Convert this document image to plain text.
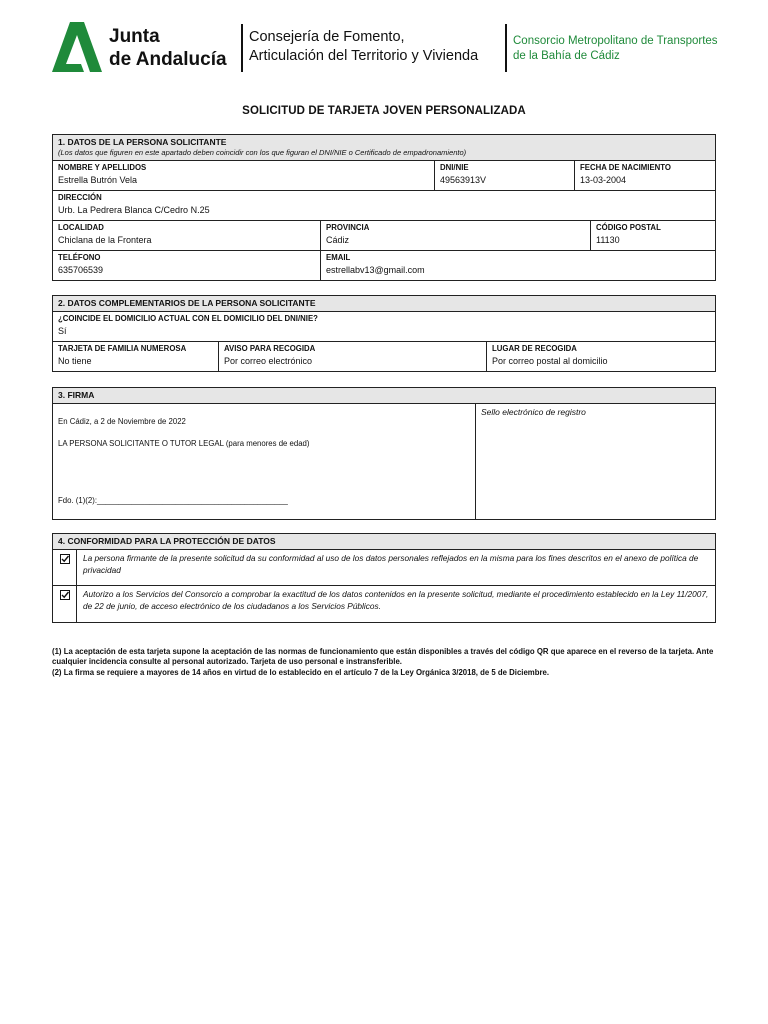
Junta
de Andalucía
Consejería de Fomento,
Articulación del Territorio y Vivienda
Consorcio Metropolitano de Transportes
de la Bahía de Cádiz
SOLICITUD DE TARJETA JOVEN PERSONALIZADA
1. DATOS DE LA PERSONA SOLICITANTE
(Los datos que figuren en este apartado deben coincidir con los que figuran el DNI/NIE o Certificado de empadronamiento)
NOMBRE Y APELLIDOS
Estrella Butrón Vela
DNI/NIE
49563913V
FECHA DE NACIMIENTO
13-03-2004
DIRECCIÓN
Urb. La Pedrera Blanca C/Cedro N.25
LOCALIDAD
Chiclana de la Frontera
PROVINCIA
Cádiz
CÓDIGO POSTAL
11130
TELÉFONO
635706539
EMAIL
estrellabv13@gmail.com
2. DATOS COMPLEMENTARIOS DE LA PERSONA SOLICITANTE
¿COINCIDE EL DOMICILIO ACTUAL CON EL DOMICILIO DEL DNI/NIE?
Sí
TARJETA DE FAMILIA NUMEROSA
No tiene
AVISO PARA RECOGIDA
Por correo electrónico
LUGAR DE RECOGIDA
Por correo postal al domicilio
3. FIRMA
En Cádiz, a 2 de Noviembre de 2022
LA PERSONA SOLICITANTE O TUTOR LEGAL (para menores de edad)
Fdo. (1)(2):____________________________________________
Sello electrónico de registro
4. CONFORMIDAD PARA LA PROTECCIÓN DE DATOS
La persona firmante de la presente solicitud da su conformidad al uso de los datos personales reflejados en la misma para los fines descritos en el anexo de política de privacidad
Autorizo a los Servicios del Consorcio a comprobar la exactitud de los datos contenidos en la presente solicitud, mediante el procedimiento establecido en la Ley 11/2007, de 22 de junio, de acceso electrónico de los ciudadanos a los Servicios Públicos.
(1) La aceptación de esta tarjeta supone la aceptación de las normas de funcionamiento que están disponibles a través del código QR que aparece en el reverso de la tarjeta. Ante cualquier incidencia consulte al personal autorizado. Tarjeta de uso personal e instransferible.
(2) La firma se requiere a mayores de 14 años en virtud de lo establecido en el artículo 7 de la Ley Orgánica 3/2018, de 5 de Diciembre.
